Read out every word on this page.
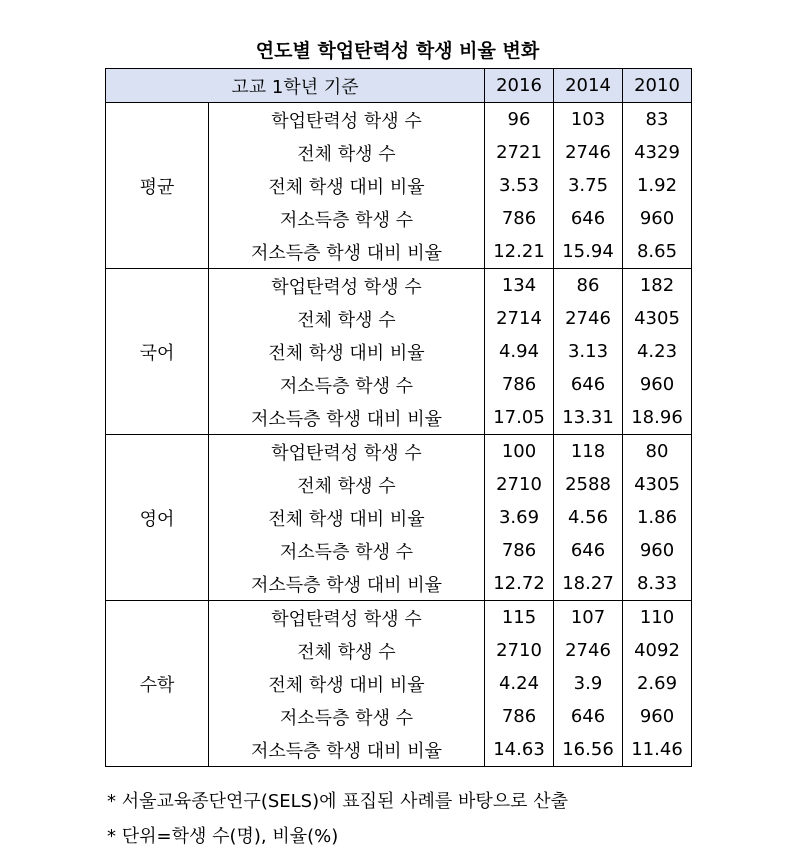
연도별 학업탄력성 학생 비율 변화
고교 1학년 기준		2016	2014	2010
평균	학업탄력성 학생 수	96	103	83
	전체 학생 수	2721	2746	4329
	전체 학생 대비 비율	3.53	3.75	1.92
	저소득층 학생 수	786	646	960
	저소득층 학생 대비 비율	12.21	15.94	8.65
국어	학업탄력성 학생 수	134	86	182
	전체 학생 수	2714	2746	4305
	전체 학생 대비 비율	4.94	3.13	4.23
	저소득층 학생 수	786	646	960
	저소득층 학생 대비 비율	17.05	13.31	18.96
영어	학업탄력성 학생 수	100	118	80
	전체 학생 수	2710	2588	4305
	전체 학생 대비 비율	3.69	4.56	1.86
	저소득층 학생 수	786	646	960
	저소득층 학생 대비 비율	12.72	18.27	8.33
수학	학업탄력성 학생 수	115	107	110
	전체 학생 수	2710	2746	4092
	전체 학생 대비 비율	4.24	3.9	2.69
	저소득층 학생 수	786	646	960
	저소득층 학생 대비 비율	14.63	16.56	11.46
* 서울교육종단연구(SELS)에 표집된 사례를 바탕으로 산출
* 단위=학생 수(명), 비율(%)
